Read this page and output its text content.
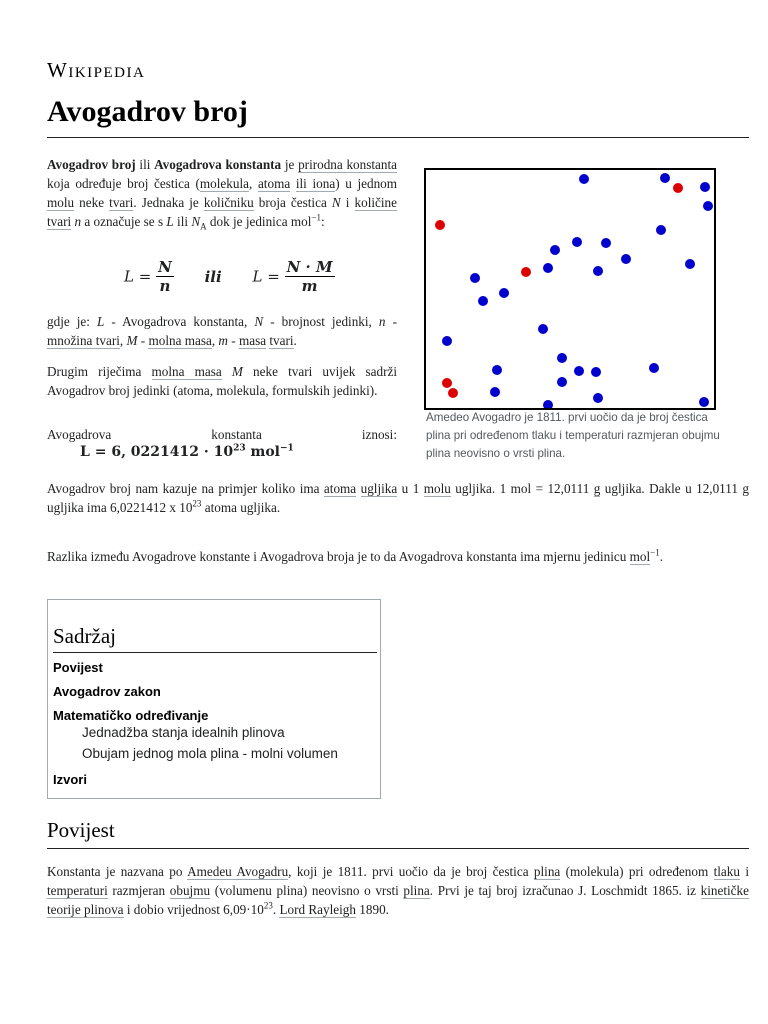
Wikipedia
Avogadrov broj

Avogadrov broj ili Avogadrova konstanta je prirodna konstanta koja određuje broj čestica (molekula, atoma ili iona) u jednom molu neke tvari. Jednaka je količniku broja čestica N i količine tvari n a označuje se s L ili $N_A$ dok je jedinica mol$^{-1}$:

$L = \frac{N}{n}$ ili $L = \frac{N \cdot M}{m}$

gdje je: L - Avogadrova konstanta, N - brojnost jedinki, n - množina tvari, M - molna masa, m - masa tvari.

Drugim riječima molna masa M neke tvari uvijek sadrži Avogadrov broj jedinki (atoma, molekula, formulskih jedinki).

Avogadrova	konstanta	iznosi:
L = 6, $0221412 \cdot 10^{23}$ mol$^{-1}$

Avogadrov broj nam kazuje na primjer koliko ima atoma ugljika u 1 molu ugljika. 1 mol = 12,0111 g ugljika. Dakle u 12,0111 g ugljika ima 6,0221412 x $10^{23}$ atoma ugljika.

Razlika između Avogadrove konstante i Avogadrova broja je to da Avogadrova konstanta ima mjernu jedinicu mol$^{-1}$.

Amedeo Avogadro je 1811. prvi uočio da je broj čestica plina pri određenom tlaku i temperaturi razmjeran obujmu plina neovisno o vrsti plina.
Sadržaj
Povijest
Avogadrov zakon
Matematičko određivanje
Jednadžba stanja idealnih plinova
Obujam jednog mola plina - molni volumen
Izvori
Povijest

Konstanta je nazvana po Amedeu Avogadru, koji je 1811. prvi uočio da je broj čestica plina (molekula) pri određenom tlaku i temperaturi razmjeran obujmu (volumenu plina) neovisno o vrsti plina. Prvi je taj broj izračunao J. Loschmidt 1865. iz kinetičke teorije plinova i dobio vrijednost $6,09\cdot 10^{23}$. Lord Rayleigh 1890.
